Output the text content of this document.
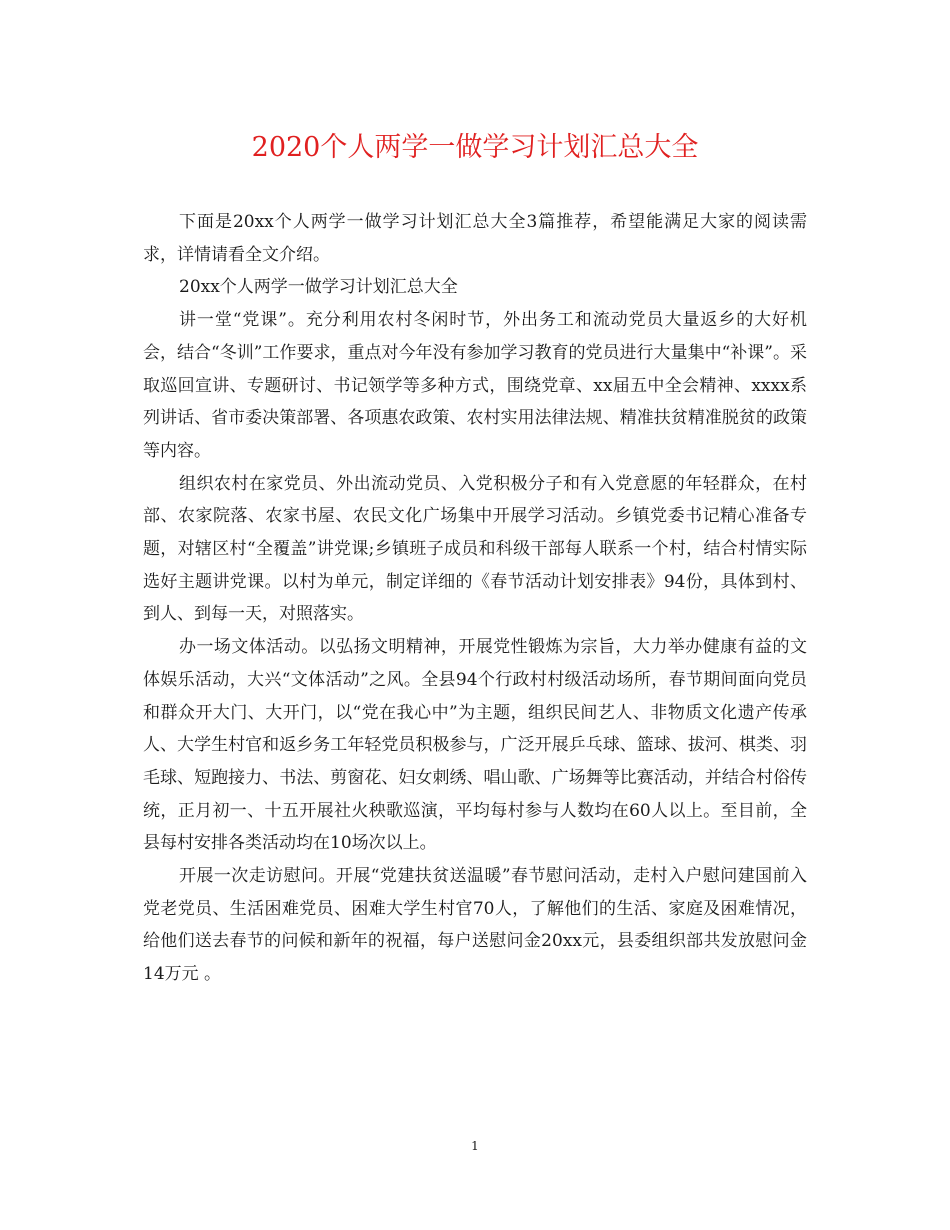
2020个人两学一做学习计划汇总大全

下面是20xx个人两学一做学习计划汇总大全3篇推荐，希望能满足大家的阅读需求，详情请看全文介绍。

20xx个人两学一做学习计划汇总大全

讲一堂“党课”。充分利用农村冬闲时节，外出务工和流动党员大量返乡的大好机会，结合“冬训”工作要求，重点对今年没有参加学习教育的党员进行大量集中“补课”。采取巡回宣讲、专题研讨、书记领学等多种方式，围绕党章、xx届五中全会精神、xxxx系列讲话、省市委决策部署、各项惠农政策、农村实用法律法规、精准扶贫精准脱贫的政策等内容。

组织农村在家党员、外出流动党员、入党积极分子和有入党意愿的年轻群众，在村部、农家院落、农家书屋、农民文化广场集中开展学习活动。乡镇党委书记精心准备专题，对辖区村“全覆盖”讲党课;乡镇班子成员和科级干部每人联系一个村，结合村情实际选好主题讲党课。以村为单元，制定详细的《春节活动计划安排表》94份，具体到村、到人、到每一天，对照落实。

办一场文体活动。以弘扬文明精神，开展党性锻炼为宗旨，大力举办健康有益的文体娱乐活动，大兴“文体活动”之风。全县94个行政村村级活动场所，春节期间面向党员和群众开大门、大开门，以“党在我心中”为主题，组织民间艺人、非物质文化遗产传承人、大学生村官和返乡务工年轻党员积极参与，广泛开展乒乓球、篮球、拔河、棋类、羽毛球、短跑接力、书法、剪窗花、妇女刺绣、唱山歌、广场舞等比赛活动，并结合村俗传统，正月初一、十五开展社火秧歌巡演，平均每村参与人数均在60人以上。至目前，全县每村安排各类活动均在10场次以上。

开展一次走访慰问。开展“党建扶贫送温暖”春节慰问活动，走村入户慰问建国前入党老党员、生活困难党员、困难大学生村官70人，了解他们的生活、家庭及困难情况，给他们送去春节的问候和新年的祝福，每户送慰问金20xx元，县委组织部共发放慰问金14万元 。

1
